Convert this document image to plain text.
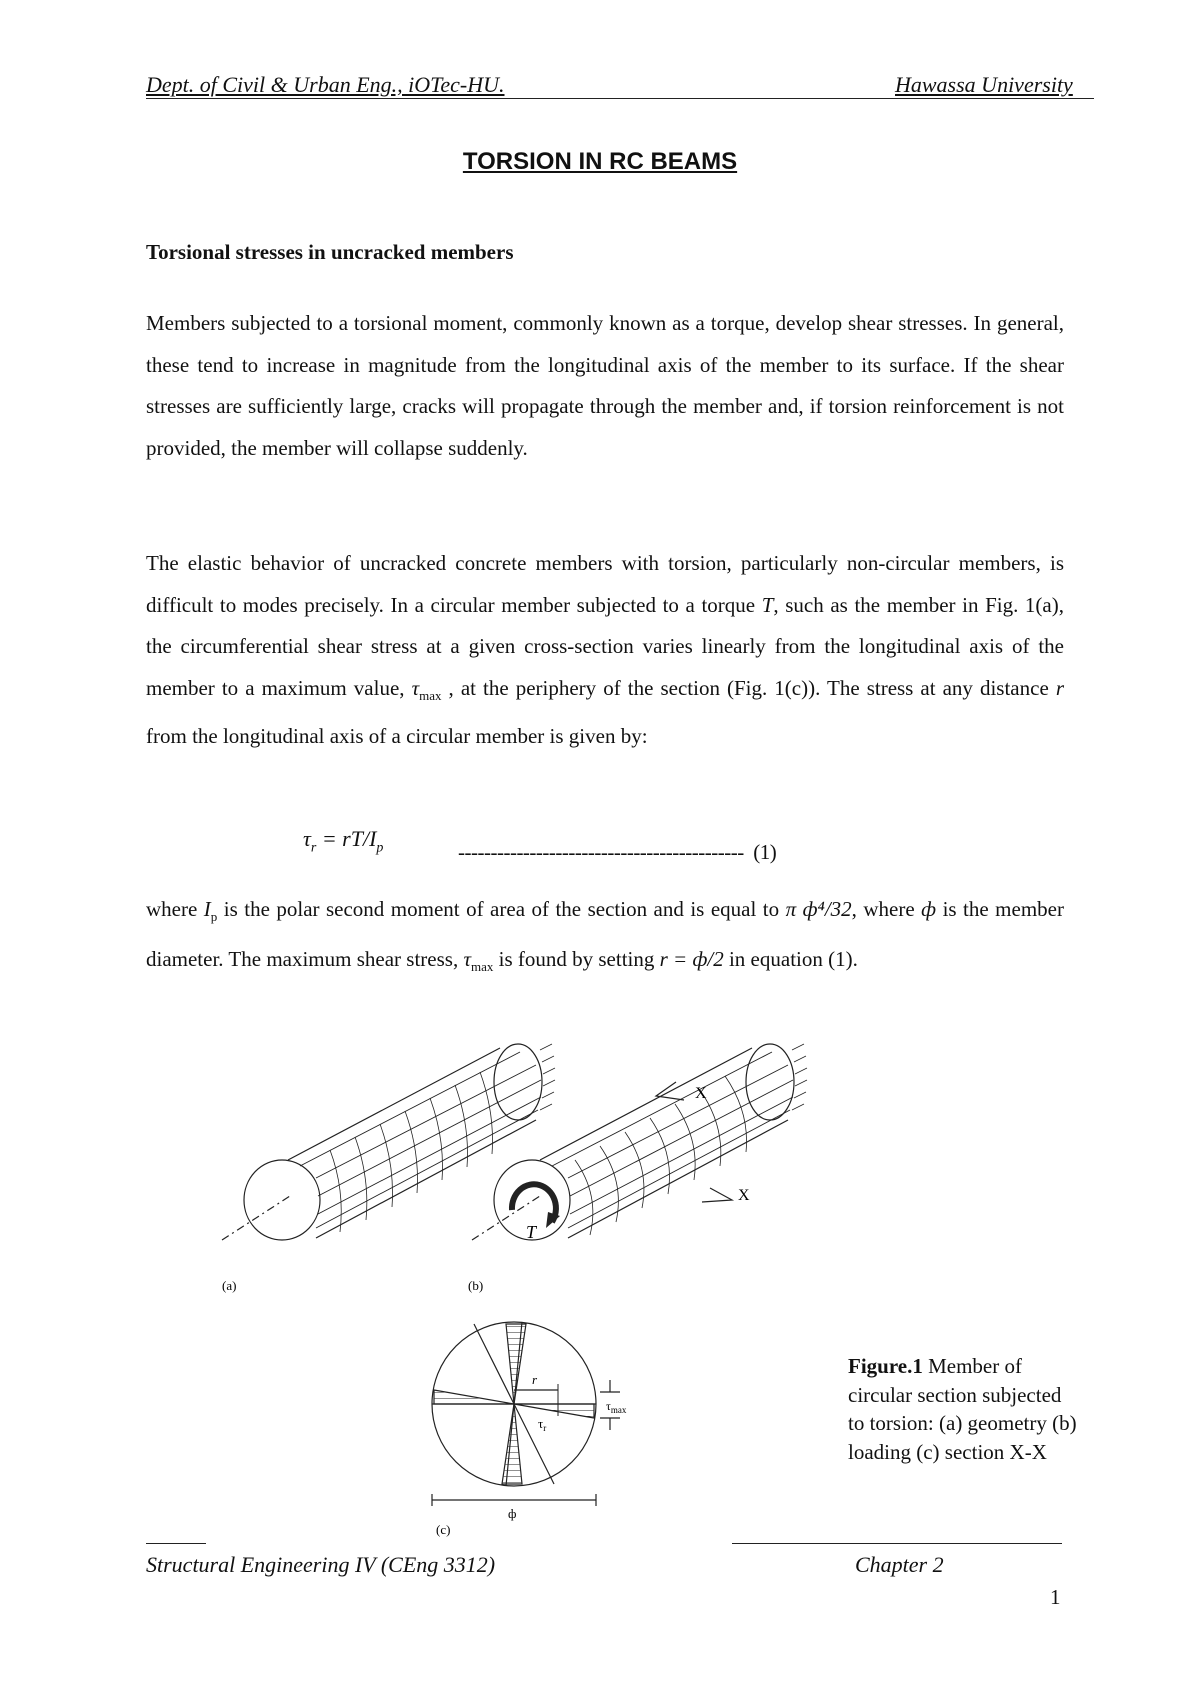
Dept. of Civil & Urban Eng., iOTec-HU.	Hawassa University
TORSION IN RC BEAMS
Torsional stresses in uncracked members
Members subjected to a torsional moment, commonly known as a torque, develop shear stresses. In general, these tend to increase in magnitude from the longitudinal axis of the member to its surface. If the shear stresses are sufficiently large, cracks will propagate through the member and, if torsion reinforcement is not provided, the member will collapse suddenly.
The elastic behavior of uncracked concrete members with torsion, particularly non-circular members, is difficult to modes precisely. In a circular member subjected to a torque T, such as the member in Fig. 1(a), the circumferential shear stress at a given cross-section varies linearly from the longitudinal axis of the member to a maximum value, $\tau_{max}$ , at the periphery of the section (Fig. 1(c)). The stress at any distance r from the longitudinal axis of a circular member is given by:
$\tau_r = rT/I_p$	-------------------------------------------- (1)
where $I_p$ is the polar second moment of area of the section and is equal to π ф⁴/32, where ф is the member diameter. The maximum shear stress, $\tau_{max}$ is found by setting r = ф/2 in equation (1).
T
X
X
(a)	(b)
r
$\tau_r$
$\tau_{max}$
ф
(c)
Figure.1 Member of circular section subjected to torsion: (a) geometry (b) loading (c) section X-X
Structural Engineering IV (CEng 3312)	Chapter 2
1
